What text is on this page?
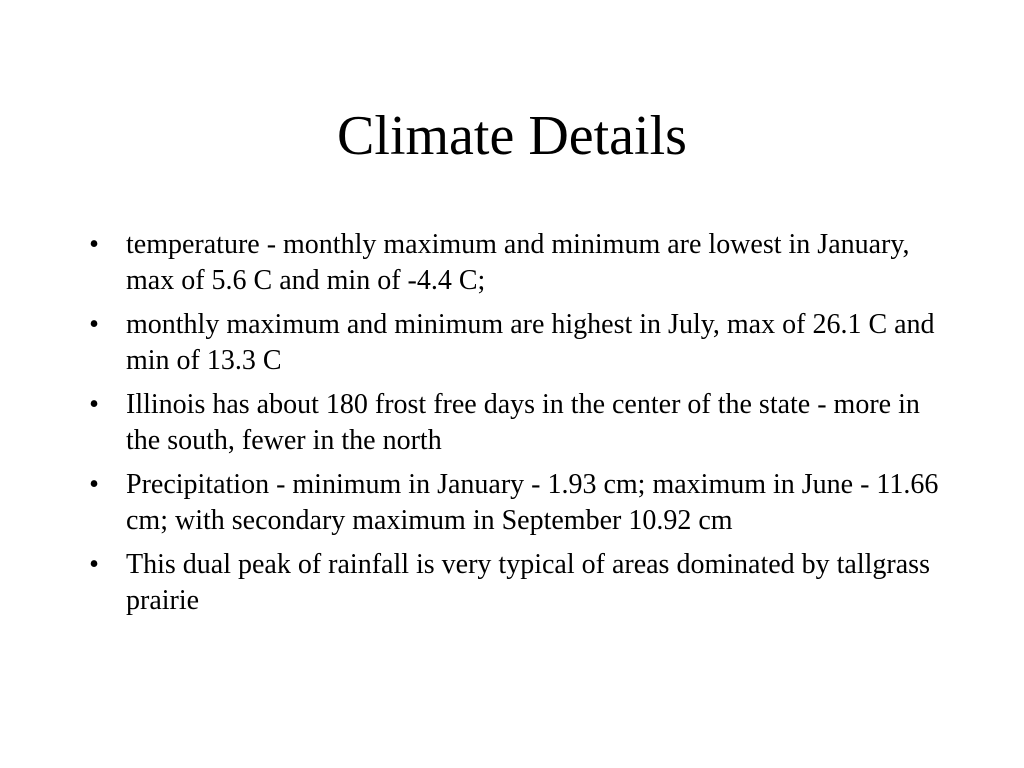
Climate Details
• temperature - monthly maximum and minimum are lowest in January, max of 5.6 C and min of -4.4 C;
• monthly maximum and minimum are highest in July, max of 26.1 C and min of 13.3 C
• Illinois has about 180 frost free days in the center of the state - more in the south, fewer in the north
• Precipitation - minimum in January - 1.93 cm; maximum in June - 11.66 cm; with secondary maximum in September 10.92 cm
• This dual peak of rainfall is very typical of areas dominated by tallgrass prairie
